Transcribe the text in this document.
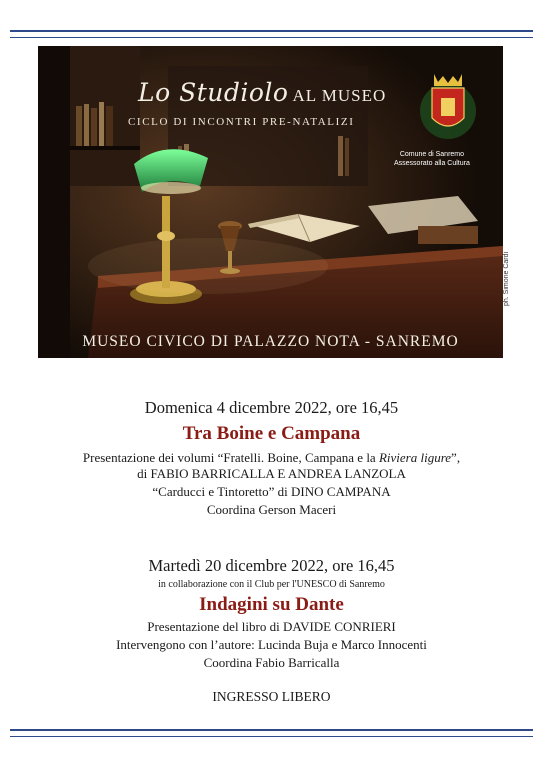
Lo Studiolo AL MUSEO
CICLO DI INCONTRI PRE-NATALIZI
Comune di Sanremo
Assessorato alla Cultura
MUSEO CIVICO DI PALAZZO NOTA - SANREMO
ph. Simone Cardi
Domenica 4 dicembre 2022, ore 16,45
Tra Boine e Campana
Presentazione dei volumi “Fratelli. Boine, Campana e la Riviera ligure”,
di FABIO BARRICALLA E ANDREA LANZOLA
“Carducci e Tintoretto” di DINO CAMPANA
Coordina Gerson Maceri
Martedì 20 dicembre 2022, ore 16,45
in collaborazione con il Club per l'UNESCO di Sanremo
Indagini su Dante
Presentazione del libro di DAVIDE CONRIERI
Intervengono con l’autore: Lucinda Buja e Marco Innocenti
Coordina Fabio Barricalla
INGRESSO LIBERO
